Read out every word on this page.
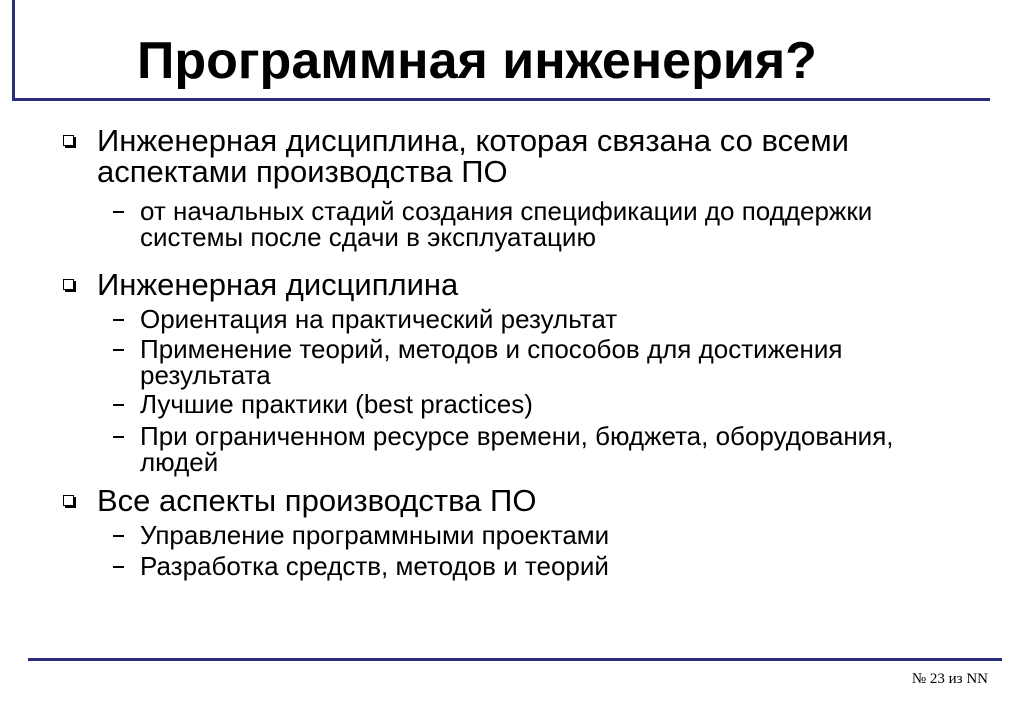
Программная инженерия?
Инженерная дисциплина, которая связана со всеми
аспектами производства ПО
от начальных стадий создания спецификации до поддержки
системы после сдачи в эксплуатацию
Инженерная дисциплина
Ориентация на практический результат
Применение теорий, методов и способов для достижения
результата
Лучшие практики (best practices)
При ограниченном ресурсе времени, бюджета, оборудования,
людей
Все аспекты производства ПО
Управление программными проектами
Разработка средств, методов и теорий
№ 23 из NN
